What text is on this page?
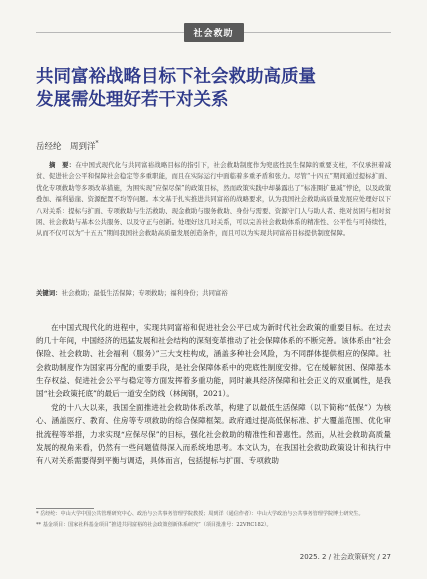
社会救助
共同富裕战略目标下社会救助高质量
发展需处理好若干对关系
岳经纶　周到洋*
摘　要：在中国式现代化与共同富裕战略目标的指引下，社会救助制度作为兜底性民生保障的重要支柱，不仅承担着减贫、促进社会公平和保障社会稳定等多重职能，而且在实际运行中面临着多重矛盾和张力。尽管“十四五”期间通过提标扩面、优化专项救助等多项改革措施，为围实现“应保尽保”的政策目标，然而政策实践中却暴露出了“标准圈扩量减”悖论，以及政策叠加、福利悬崖、资源配置不均等问题。本文基于扎实推进共同富裕的战略要求，认为我国社会救助高质量发展应处理好以下八对关系：提标与扩面、专项救助与生活救助、现金救助与服务救助、身份与需要、资源守门人与助人者、绝对贫困与相对贫困、社会救助与基本公共服务、以及守正与创新。处理好这几对关系，可以完善社会救助体系的精准性、公平性与可持续性，从而不仅可以为“十五五”期间我国社会救助高质量发展创造条件，而且可以为实现共同富裕目标提供制度保障。
关键词：社会救助；最低生活保障；专项救助；福利身份；共同富裕

在中国式现代化的进程中，实现共同富裕和促进社会公平已成为新时代社会政策的重要目标。在过去的几十年间，中国经济的迅猛发展和社会结构的深刻变革推动了社会保障体系的不断完善。该体系由“社会保险、社会救助、社会福利（服务）”三大支柱构成，涵盖多种社会风险，为不同群体提供相应的保障。社会救助制度作为国家再分配的重要手段，是社会保障体系中的兜底性制度安排。它在缓解贫困、保障基本生存权益、促进社会公平与稳定等方面发挥着多重功能，同时兼具经济保障和社会正义的双重属性，是我国“社会政策托底”的最后一道安全防线（林闽钢，2021）。

党的十八大以来，我国全面推进社会救助体系改革，构建了以最低生活保障（以下简称“低保”）为核心、涵盖医疗、教育、住房等专项救助的综合保障框架。政府通过提高低保标准、扩大覆盖范围、优化审批流程等举措，力求实现“应保尽保”的目标，强化社会救助的精准性和普惠性。然而，从社会救助高质量发展的视角来看，仍然有一些问题值得深入而系统地思考。本文认为，在我国社会救助政策设计和执行中有八对关系需要得到平衡与调适，具体而言，包括提标与扩面、专项救助

* 岳经纶：中山大学中国公共管理研究中心、政治与公共事务管理学院教授；周到洋（通信作者）：中山大学政治与公共事务管理学院博士研究生。

** 基金项目：国家社科基金项目“推进共同富裕的社会政策创新体系研究”（项目批准号：22VRC182）。

2025. 2 / 社会政策研究 / 27
